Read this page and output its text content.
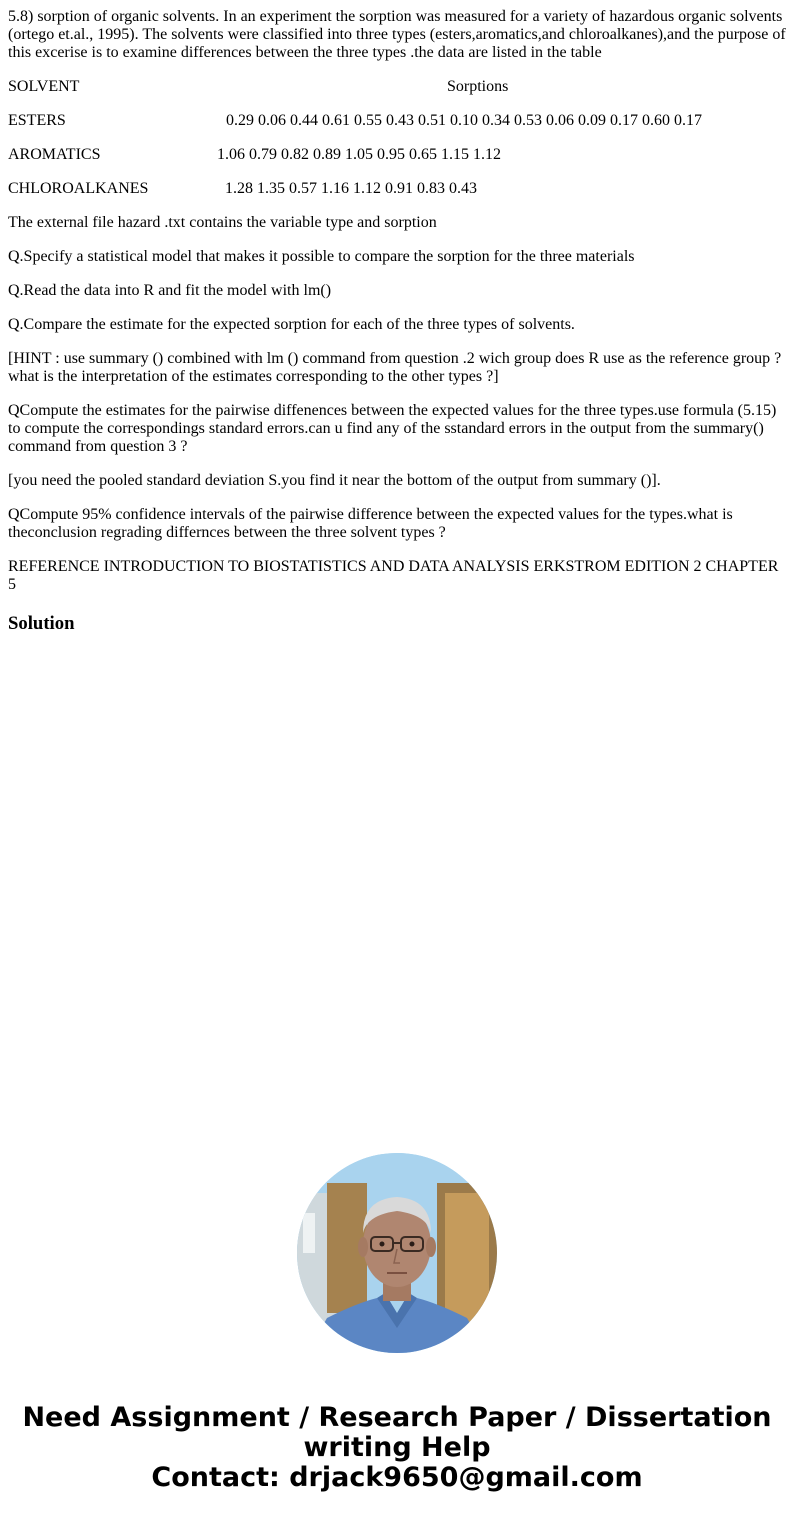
5.8) sorption of organic solvents. In an experiment the sorption was measured for a variety of hazardous organic solvents (ortego et.al., 1995). The solvents were classified into three types (esters,aromatics,and chloroalkanes),and the purpose of this excerise is to examine differences between the three types .the data are listed in the table

SOLVENT	Sorptions
ESTERS	0.29 0.06 0.44 0.61 0.55 0.43 0.51 0.10 0.34 0.53 0.06 0.09 0.17 0.60 0.17
AROMATICS	1.06 0.79 0.82 0.89 1.05 0.95 0.65 1.15 1.12
CHLOROALKANES	1.28 1.35 0.57 1.16 1.12 0.91 0.83 0.43

The external file hazard .txt contains the variable type and sorption

Q.Specify a statistical model that makes it possible to compare the sorption for the three materials

Q.Read the data into R and fit the model with lm()

Q.Compare the estimate for the expected sorption for each of the three types of solvents.

[HINT : use summary () combined with lm () command from question .2 wich group does R use as the reference group ? what is the interpretation of the estimates corresponding to the other types ?]

QCompute the estimates for the pairwise diffenences between the expected values for the three types.use formula (5.15) to compute the correspondings standard errors.can u find any of the sstandard errors in the output from the summary() command from question 3 ?

[you need the pooled standard deviation S.you find it near the bottom of the output from summary ()].

QCompute 95% confidence intervals of the pairwise difference between the expected values for the types.what is theconclusion regrading differnces between the three solvent types ?

REFERENCE INTRODUCTION TO BIOSTATISTICS AND DATA ANALYSIS ERKSTROM EDITION 2 CHAPTER 5

Solution
Need Assignment / Research Paper / Dissertation
writing Help
Contact: drjack9650@gmail.com
